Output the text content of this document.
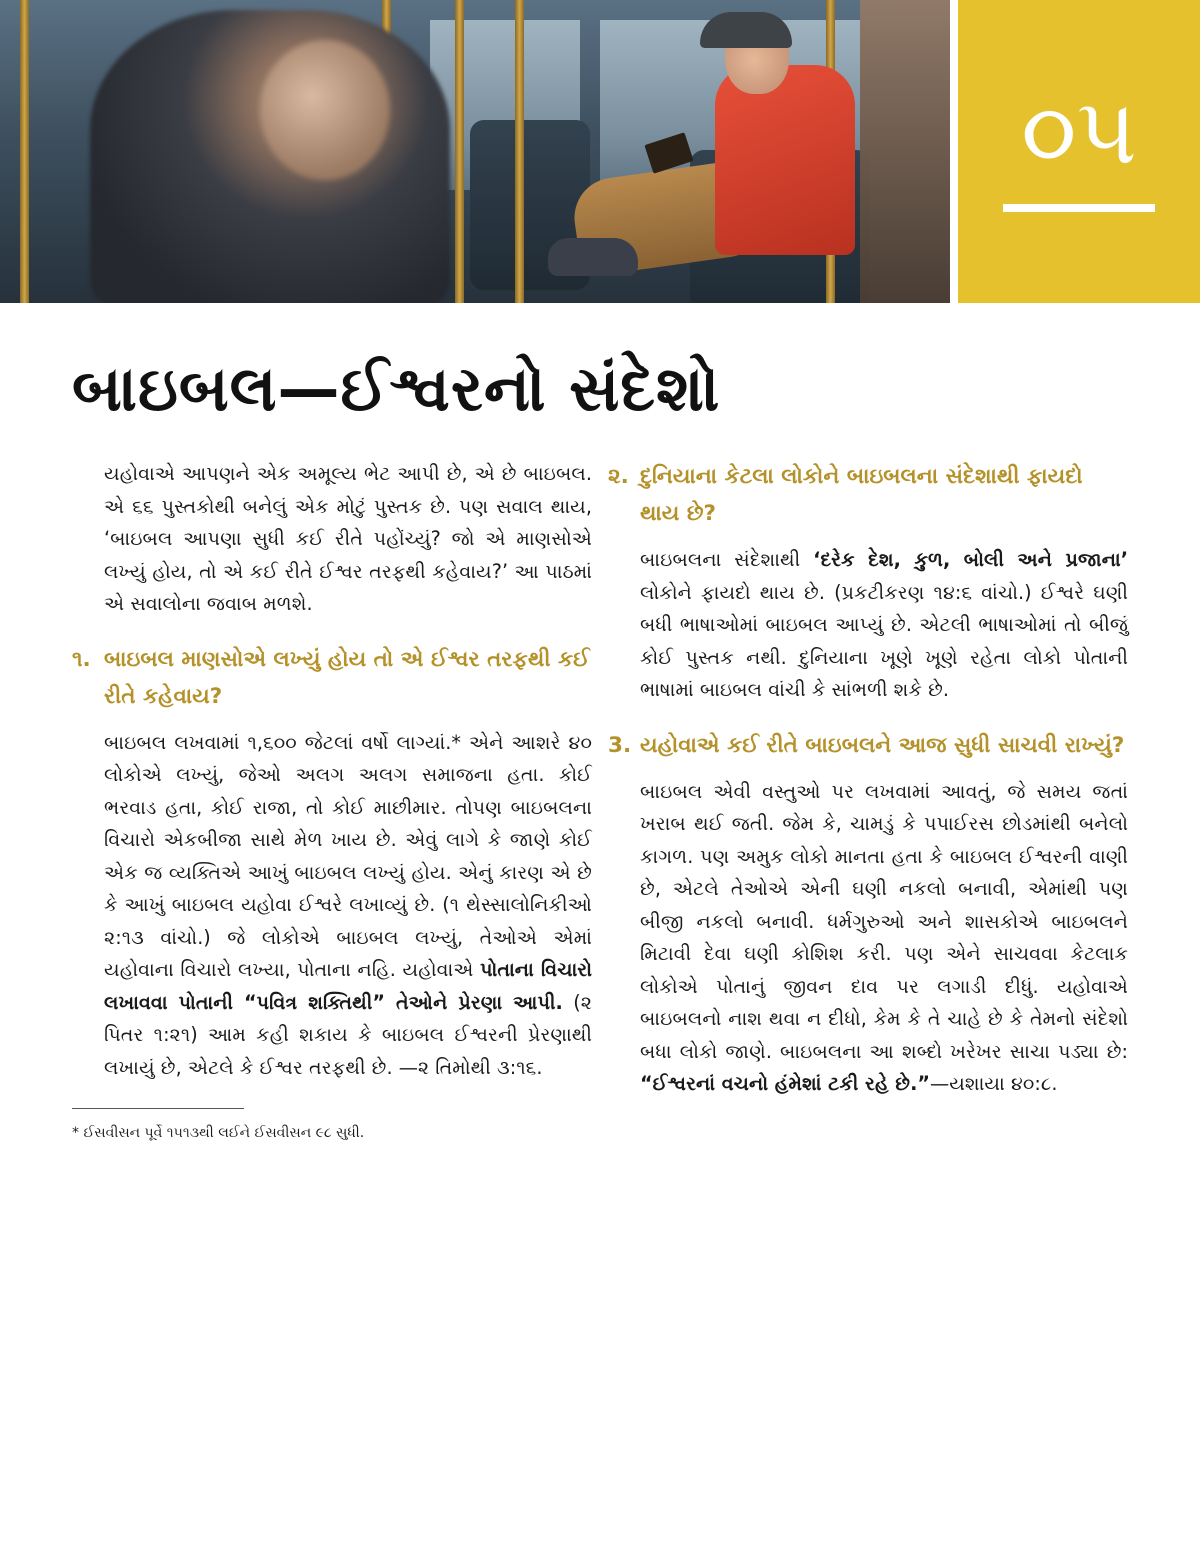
૦૫
બાઇબલ—ઈશ્વરનો સંદેશો

યહોવાએ આપણને એક અમૂલ્ય ભેટ આપી છે, એ છે બાઇબલ. એ ૬૬ પુસ્તકોથી બનેલું એક મોટું પુસ્તક છે. પણ સવાલ થાય, ‘બાઇબલ આપણા સુધી કઈ રીતે પહોંચ્યું? જો એ માણસોએ લખ્યું હોય, તો એ કઈ રીતે ઈશ્વર તરફથી કહેવાય?’ આ પાઠમાં એ સવાલોના જવાબ મળશે.

૧. બાઇબલ માણસોએ લખ્યું હોય તો એ ઈશ્વર તરફથી કઈ રીતે કહેવાય?

બાઇબલ લખવામાં ૧,૬૦૦ જેટલાં વર્ષો લાગ્યાં.* એને આશરે ૪૦ લોકોએ લખ્યું, જેઓ અલગ અલગ સમાજના હતા. કોઈ ભરવાડ હતા, કોઈ રાજા, તો કોઈ માછીમાર. તોપણ બાઇબલના વિચારો એકબીજા સાથે મેળ ખાય છે. એવું લાગે કે જાણે કોઈ એક જ વ્યક્તિએ આખું બાઇબલ લખ્યું હોય. એનું કારણ એ છે કે આખું બાઇબલ યહોવા ઈશ્વરે લખાવ્યું છે. (૧ થેસ્સાલોનિકીઓ ૨:૧૩ વાંચો.) જે લોકોએ બાઇબલ લખ્યું, તેઓએ એમાં યહોવાના વિચારો લખ્યા, પોતાના નહિ. યહોવાએ પોતાના વિચારો લખાવવા પોતાની “પવિત્ર શક્તિથી” તેઓને પ્રેરણા આપી. (૨ પિતર ૧:૨૧) આમ કહી શકાય કે બાઇબલ ઈશ્વરની પ્રેરણાથી લખાયું છે, એટલે કે ઈશ્વર તરફથી છે. —૨ તિમોથી ૩:૧૬.

* ઈસવીસન પૂર્વે ૧૫૧૩થી લઈને ઈસવીસન ૯૮ સુધી.

૨. દુનિયાના કેટલા લોકોને બાઇબલના સંદેશાથી ફાયદો થાય છે?

બાઇબલના સંદેશાથી ‘દરેક દેશ, કુળ, બોલી અને પ્રજાના’ લોકોને ફાયદો થાય છે. (પ્રકટીકરણ ૧૪:૬ વાંચો.) ઈશ્વરે ઘણી બધી ભાષાઓમાં બાઇબલ આપ્યું છે. એટલી ભાષાઓમાં તો બીજું કોઈ પુસ્તક નથી. દુનિયાના ખૂણે ખૂણે રહેતા લોકો પોતાની ભાષામાં બાઇબલ વાંચી કે સાંભળી શકે છે.

3. યહોવાએ કઈ રીતે બાઇબલને આજ સુધી સાચવી રાખ્યું?

બાઇબલ એવી વસ્તુઓ પર લખવામાં આવતું, જે સમય જતાં ખરાબ થઈ જતી. જેમ કે, ચામડું કે પપાઈરસ છોડમાંથી બનેલો કાગળ. પણ અમુક લોકો માનતા હતા કે બાઇબલ ઈશ્વરની વાણી છે, એટલે તેઓએ એની ઘણી નકલો બનાવી, એમાંથી પણ બીજી નકલો બનાવી. ધર્મગુરુઓ અને શાસકોએ બાઇબલને મિટાવી દેવા ઘણી કોશિશ કરી. પણ એને સાચવવા કેટલાક લોકોએ પોતાનું જીવન દાવ પર લગાડી દીધું. યહોવાએ બાઇબલનો નાશ થવા ન દીધો, કેમ કે તે ચાહે છે કે તેમનો સંદેશો બધા લોકો જાણે. બાઇબલના આ શબ્દો ખરેખર સાચા પડ્યા છે: “ઈશ્વરનાં વચનો હંમેશાં ટકી રહે છે.”—યશાયા ૪૦:૮.
